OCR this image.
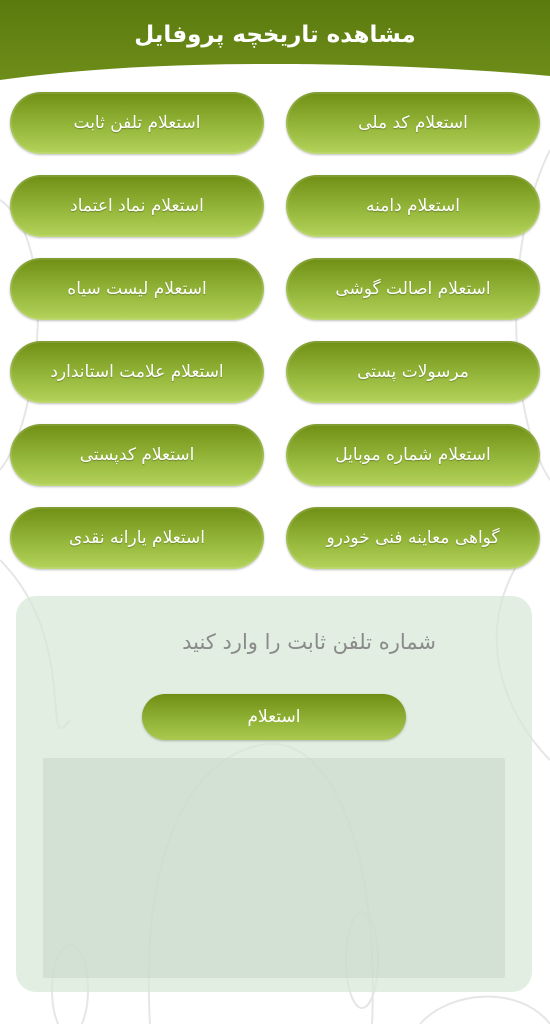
مشاهده تاریخچه پروفایل
استعلام کد ملی
استعلام تلفن ثابت
استعلام دامنه
استعلام نماد اعتماد
استعلام اصالت گوشی
استعلام لیست سیاه
مرسولات پستی
استعلام علامت استاندارد
استعلام شماره موبایل
استعلام کدپستی
گواهی معاینه فنی خودرو
استعلام یارانه نقدی
شماره تلفن ثابت را وارد کنید
استعلام
